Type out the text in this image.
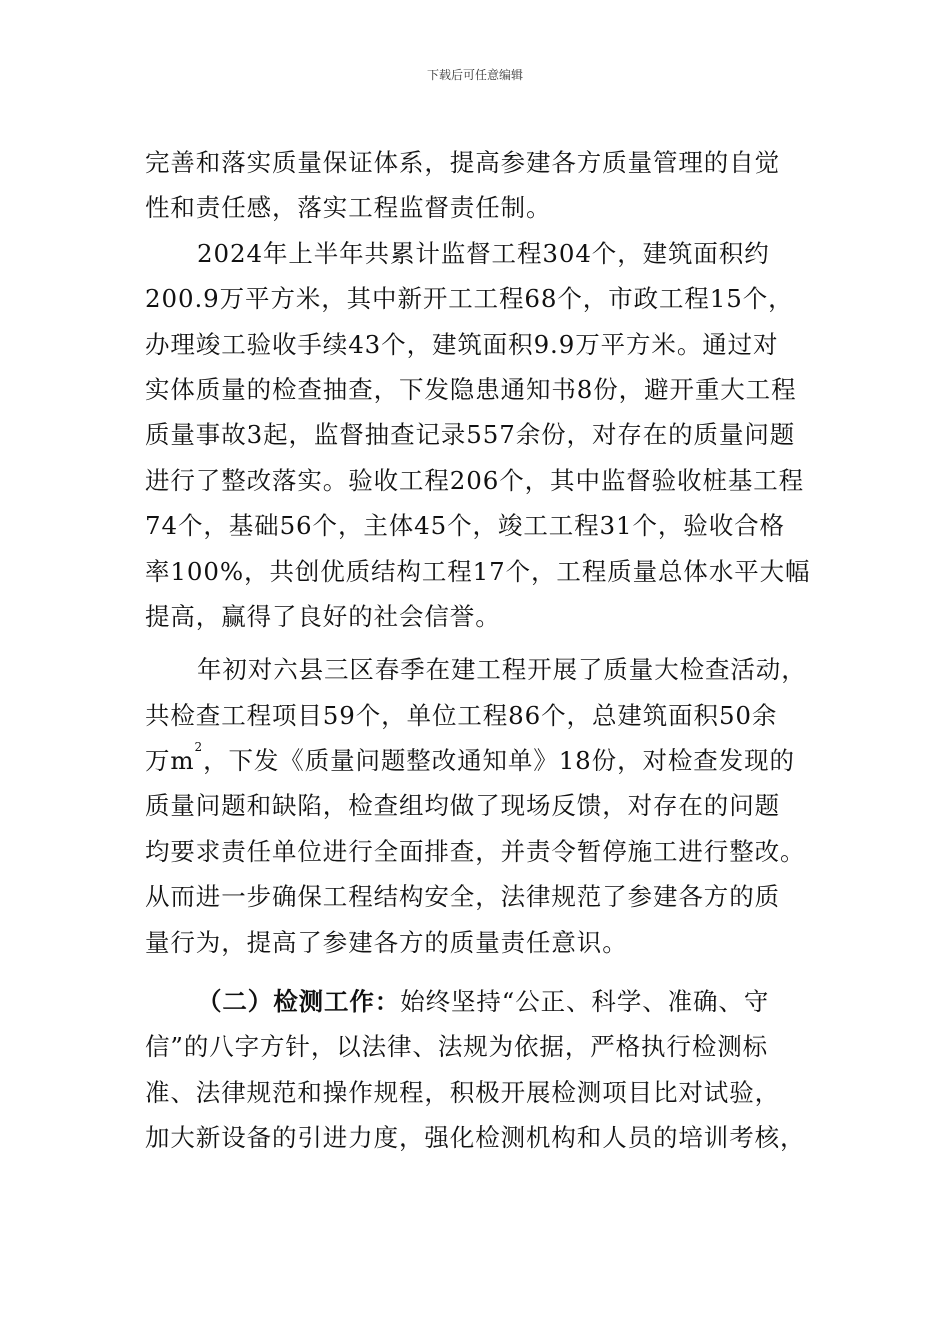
下载后可任意编辑
完善和落实质量保证体系，提高参建各方质量管理的自觉
性和责任感，落实工程监督责任制。
2024年上半年共累计监督工程304个，建筑面积约
200.9万平方米，其中新开工工程68个，市政工程15个，
办理竣工验收手续43个，建筑面积9.9万平方米。通过对
实体质量的检查抽查，下发隐患通知书8份，避开重大工程
质量事故3起，监督抽查记录557余份，对存在的质量问题
进行了整改落实。验收工程206个，其中监督验收桩基工程
74个，基础56个，主体45个，竣工工程31个，验收合格
率100%，共创优质结构工程17个，工程质量总体水平大幅
提高，赢得了良好的社会信誉。
年初对六县三区春季在建工程开展了质量大检查活动，
共检查工程项目59个，单位工程86个，总建筑面积50余
万$m^2$，下发《质量问题整改通知单》18份，对检查发现的
质量问题和缺陷，检查组均做了现场反馈，对存在的问题
均要求责任单位进行全面排查，并责令暂停施工进行整改。
从而进一步确保工程结构安全，法律规范了参建各方的质
量行为，提高了参建各方的质量责任意识。
（二）检测工作：始终坚持“公正、科学、准确、守
信”的八字方针，以法律、法规为依据，严格执行检测标
准、法律规范和操作规程，积极开展检测项目比对试验，
加大新设备的引进力度，强化检测机构和人员的培训考核，
